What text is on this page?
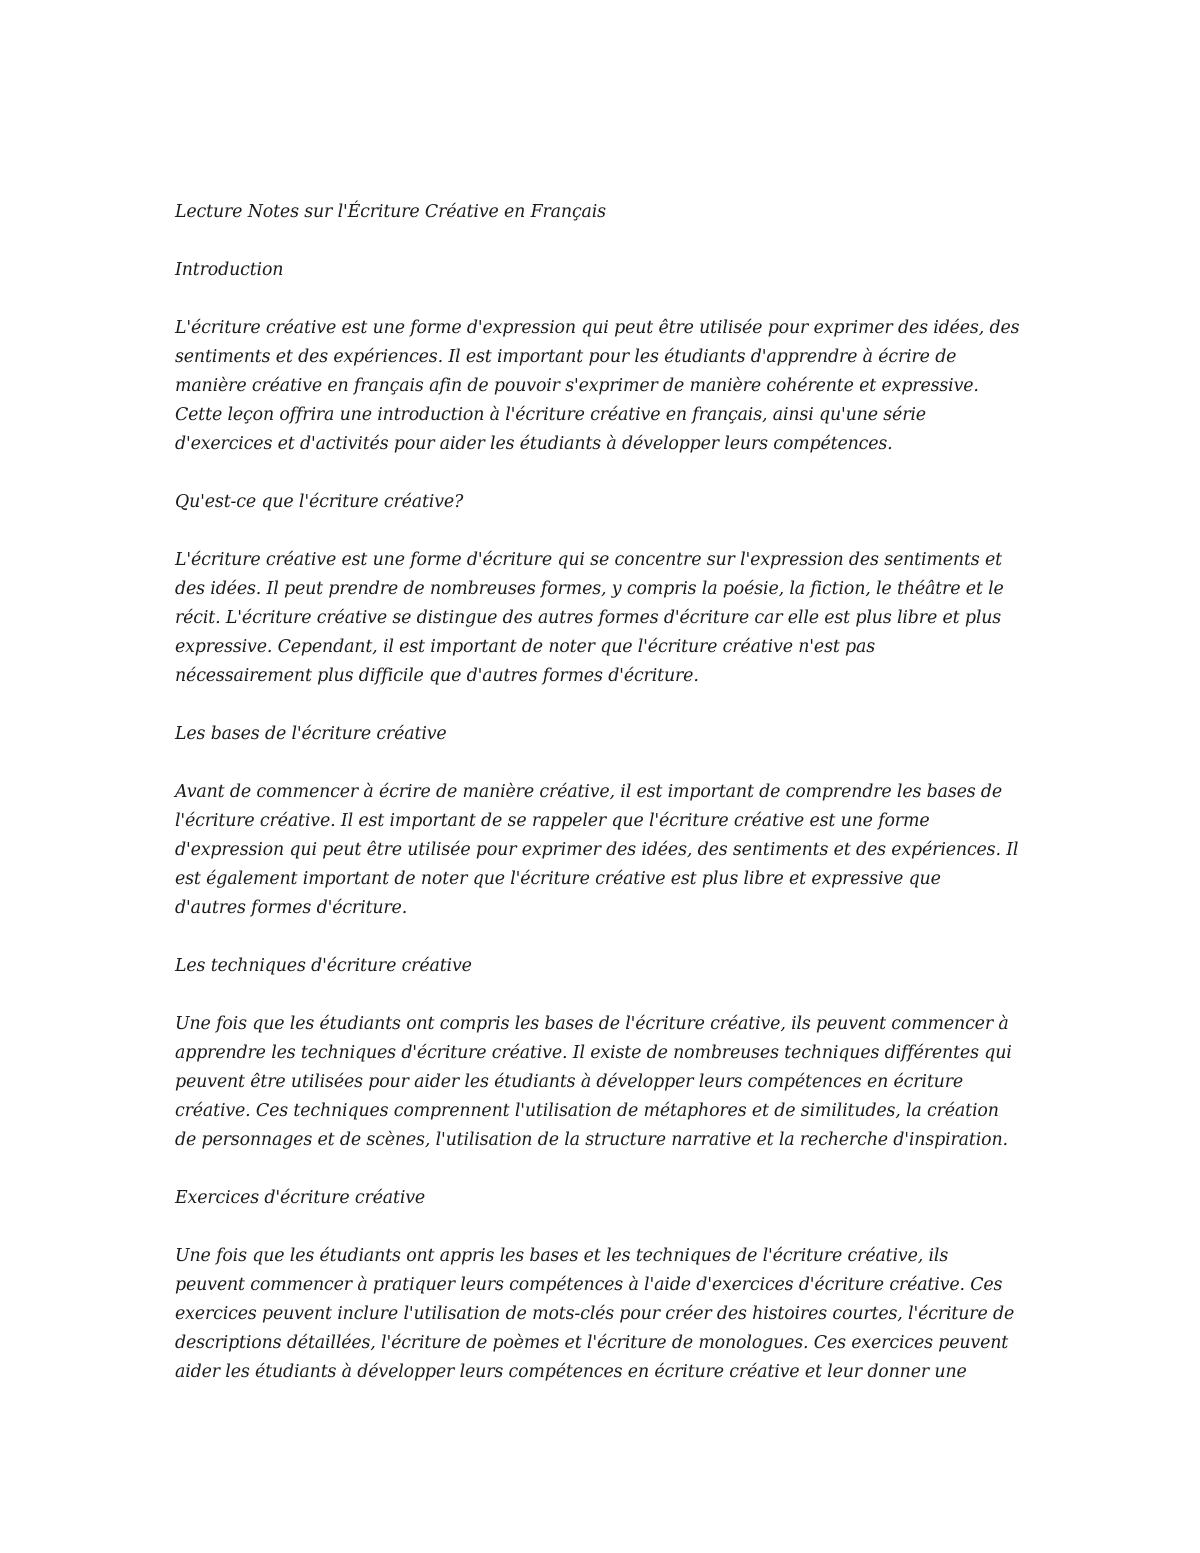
Lecture Notes sur l'Écriture Créative en Français
Introduction
L'écriture créative est une forme d'expression qui peut être utilisée pour exprimer des idées, des
sentiments et des expériences. Il est important pour les étudiants d'apprendre à écrire de
manière créative en français afin de pouvoir s'exprimer de manière cohérente et expressive.
Cette leçon offrira une introduction à l'écriture créative en français, ainsi qu'une série
d'exercices et d'activités pour aider les étudiants à développer leurs compétences.
Qu'est-ce que l'écriture créative?
L'écriture créative est une forme d'écriture qui se concentre sur l'expression des sentiments et
des idées. Il peut prendre de nombreuses formes, y compris la poésie, la fiction, le théâtre et le
récit. L'écriture créative se distingue des autres formes d'écriture car elle est plus libre et plus
expressive. Cependant, il est important de noter que l'écriture créative n'est pas
nécessairement plus difficile que d'autres formes d'écriture.
Les bases de l'écriture créative
Avant de commencer à écrire de manière créative, il est important de comprendre les bases de
l'écriture créative. Il est important de se rappeler que l'écriture créative est une forme
d'expression qui peut être utilisée pour exprimer des idées, des sentiments et des expériences. Il
est également important de noter que l'écriture créative est plus libre et expressive que
d'autres formes d'écriture.
Les techniques d'écriture créative
Une fois que les étudiants ont compris les bases de l'écriture créative, ils peuvent commencer à
apprendre les techniques d'écriture créative. Il existe de nombreuses techniques différentes qui
peuvent être utilisées pour aider les étudiants à développer leurs compétences en écriture
créative. Ces techniques comprennent l'utilisation de métaphores et de similitudes, la création
de personnages et de scènes, l'utilisation de la structure narrative et la recherche d'inspiration.
Exercices d'écriture créative
Une fois que les étudiants ont appris les bases et les techniques de l'écriture créative, ils
peuvent commencer à pratiquer leurs compétences à l'aide d'exercices d'écriture créative. Ces
exercices peuvent inclure l'utilisation de mots-clés pour créer des histoires courtes, l'écriture de
descriptions détaillées, l'écriture de poèmes et l'écriture de monologues. Ces exercices peuvent
aider les étudiants à développer leurs compétences en écriture créative et leur donner une
